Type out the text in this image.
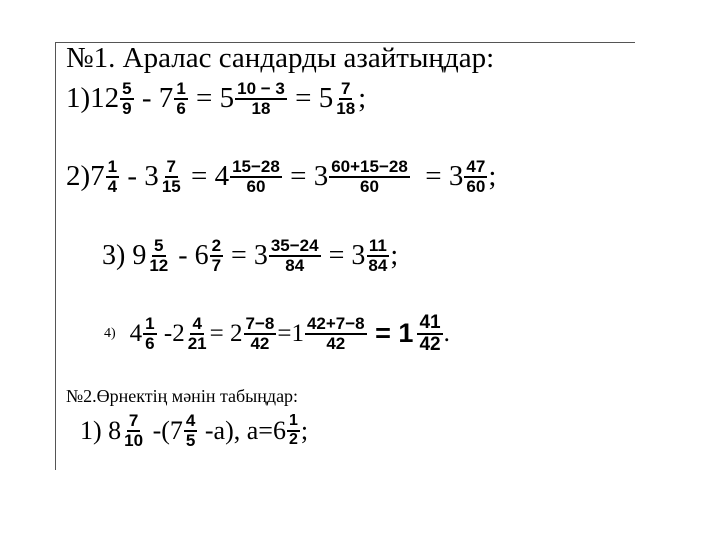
№1. Аралас сандарды азайтыңдар:
$1)12 \frac{5}{9} - 7 \frac{1}{6} = 5 \frac{10 - 3}{18} = 5 \frac{7}{18}$ ;
$2)7 \frac{1}{4} - 3 \frac{7}{15} = 4 \frac{15-28}{60} = 3 \frac{60+15-28}{60} = 3 \frac{47}{60}$ ;
3) $9 \frac{5}{12} - 6 \frac{2}{7} = 3 \frac{35-24}{84} = 3 \frac{11}{84}$ ;
4) $4 \frac{1}{6} -2 \frac{4}{21} = 2 \frac{7-8}{42} =1 \frac{42+7-8}{42} = 1 \frac{41}{42}$ .
№2.Өрнектің мәнін табыңдар:
1) $8 \frac{7}{10} -(7 \frac{4}{5} -а)$, $а=6 \frac{1}{2}$ ;
